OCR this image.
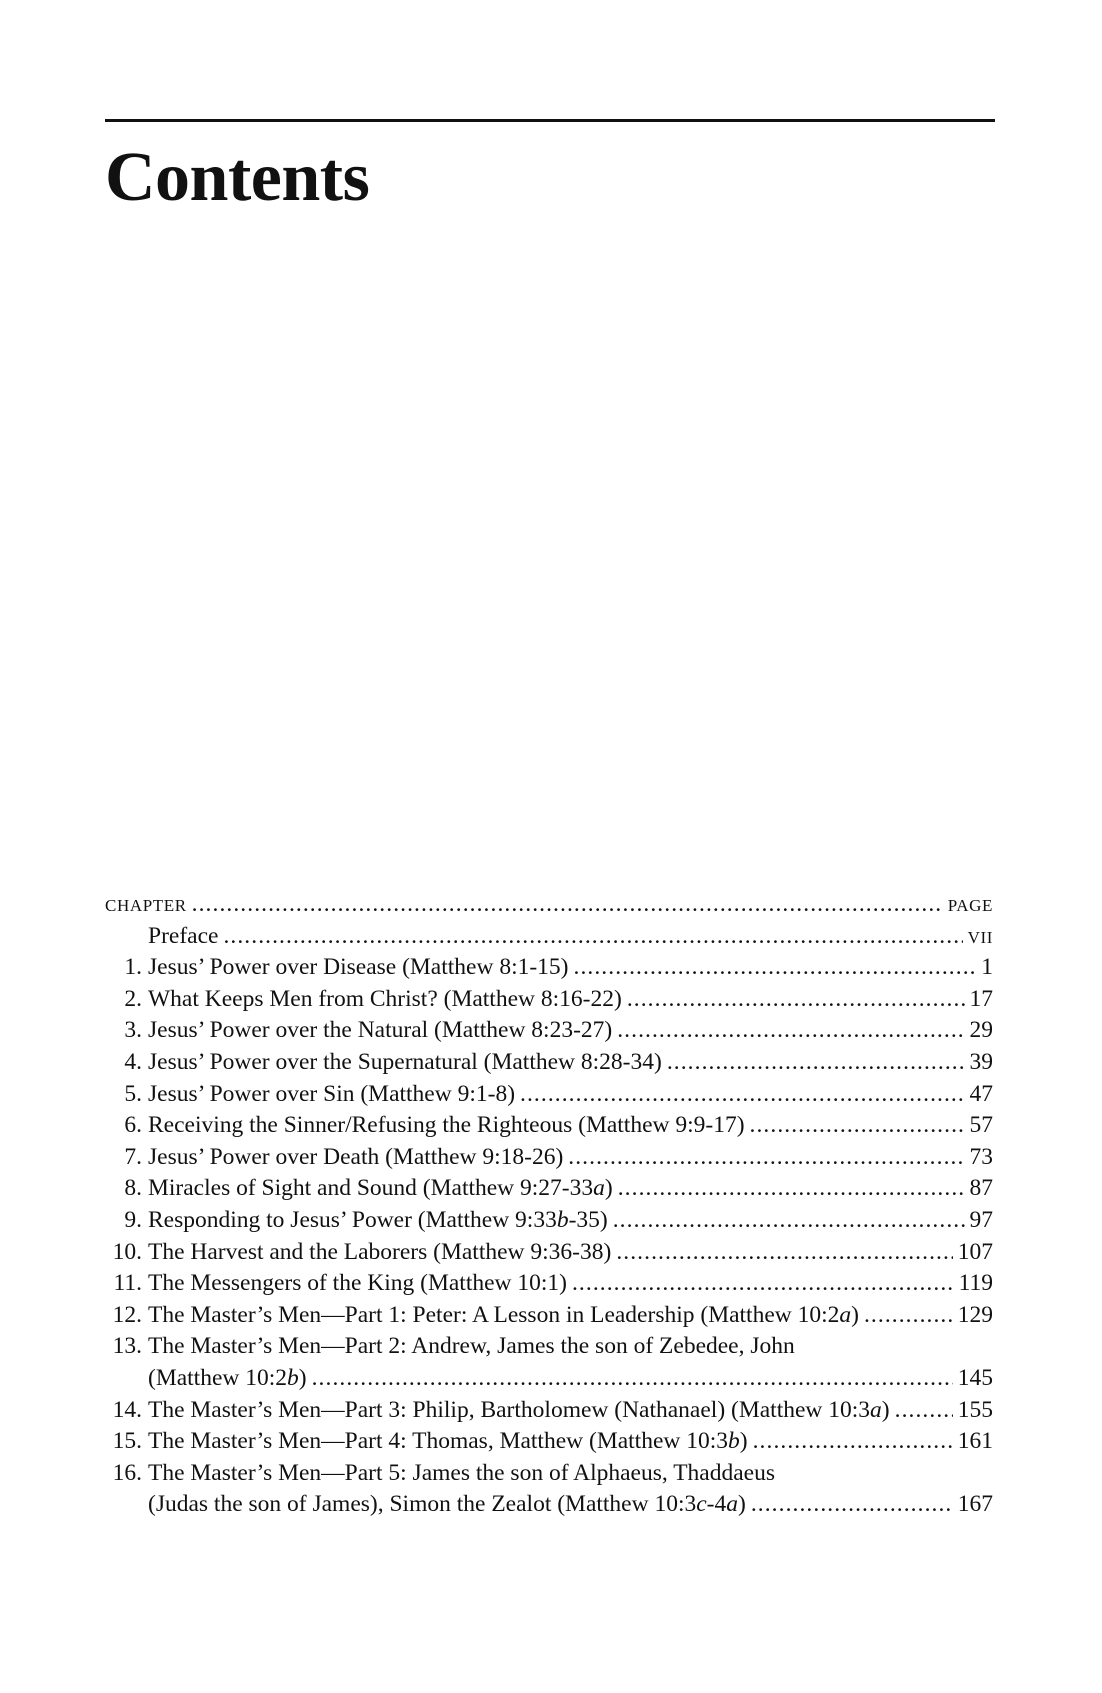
Contents
CHAPTER . . .	PAGE
Preface . . .	VII
1. Jesus’ Power over Disease (Matthew 8:1-15) . . .	1
2. What Keeps Men from Christ? (Matthew 8:16-22) . . .	17
3. Jesus’ Power over the Natural (Matthew 8:23-27) . . .	29
4. Jesus’ Power over the Supernatural (Matthew 8:28-34) . . .	39
5. Jesus’ Power over Sin (Matthew 9:1-8) . . .	47
6. Receiving the Sinner/Refusing the Righteous (Matthew 9:9-17) . . .	57
7. Jesus’ Power over Death (Matthew 9:18-26) . . .	73
8. Miracles of Sight and Sound (Matthew 9:27-33a) . . .	87
9. Responding to Jesus’ Power (Matthew 9:33b-35) . . .	97
10. The Harvest and the Laborers (Matthew 9:36-38) . . .	107
11. The Messengers of the King (Matthew 10:1) . . .	119
12. The Master’s Men—Part 1: Peter: A Lesson in Leadership (Matthew 10:2a) . . .	129
13. The Master’s Men—Part 2: Andrew, James the son of Zebedee, John
(Matthew 10:2b) . . .	145
14. The Master’s Men—Part 3: Philip, Bartholomew (Nathanael) (Matthew 10:3a) . . .	155
15. The Master’s Men—Part 4: Thomas, Matthew (Matthew 10:3b) . . .	161
16. The Master’s Men—Part 5: James the son of Alphaeus, Thaddaeus
(Judas the son of James), Simon the Zealot (Matthew 10:3c-4a) . . .	167
